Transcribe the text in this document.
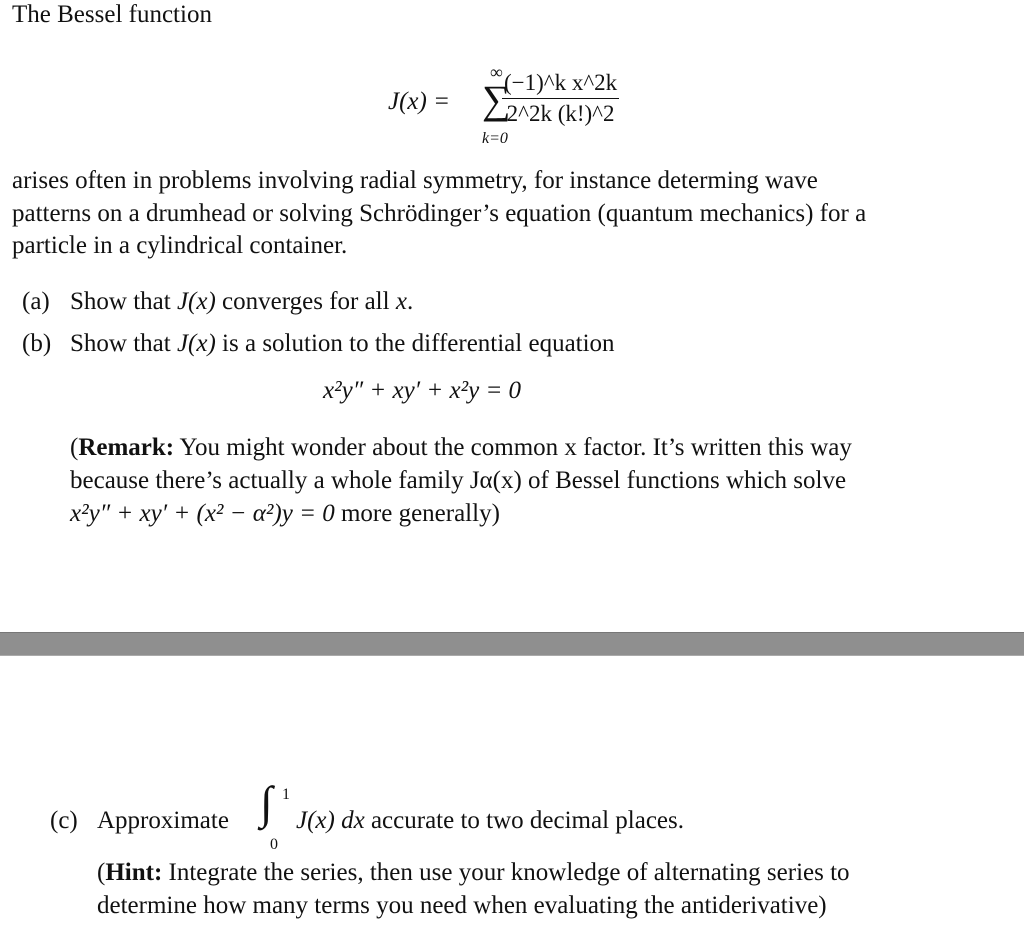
The Bessel function
J(x) =
∞
∑
k=0
$\frac{\text{(−1)\textasciicircum{}k x\textasciicircum{}2k}}{2\^{}2k (k!)\^{}2}$
arises often in problems involving radial symmetry, for instance determing wave
patterns on a drumhead or solving Schrödinger’s equation (quantum mechanics) for a
particle in a cylindrical container.
(a) Show that J(x) converges for all x.
(b) Show that J(x) is a solution to the differential equation
x²y″ + xy′ + x²y = 0
(Remark: You might wonder about the common x factor. It’s written this way
because there’s actually a whole family Jα(x) of Bessel functions which solve
x²y″ + xy′ + (x² − α²)y = 0 more generally)
(c) Approximate ∫ 1
0
J(x) dx accurate to two decimal places.
(Hint: Integrate the series, then use your knowledge of alternating series to
determine how many terms you need when evaluating the antiderivative)
